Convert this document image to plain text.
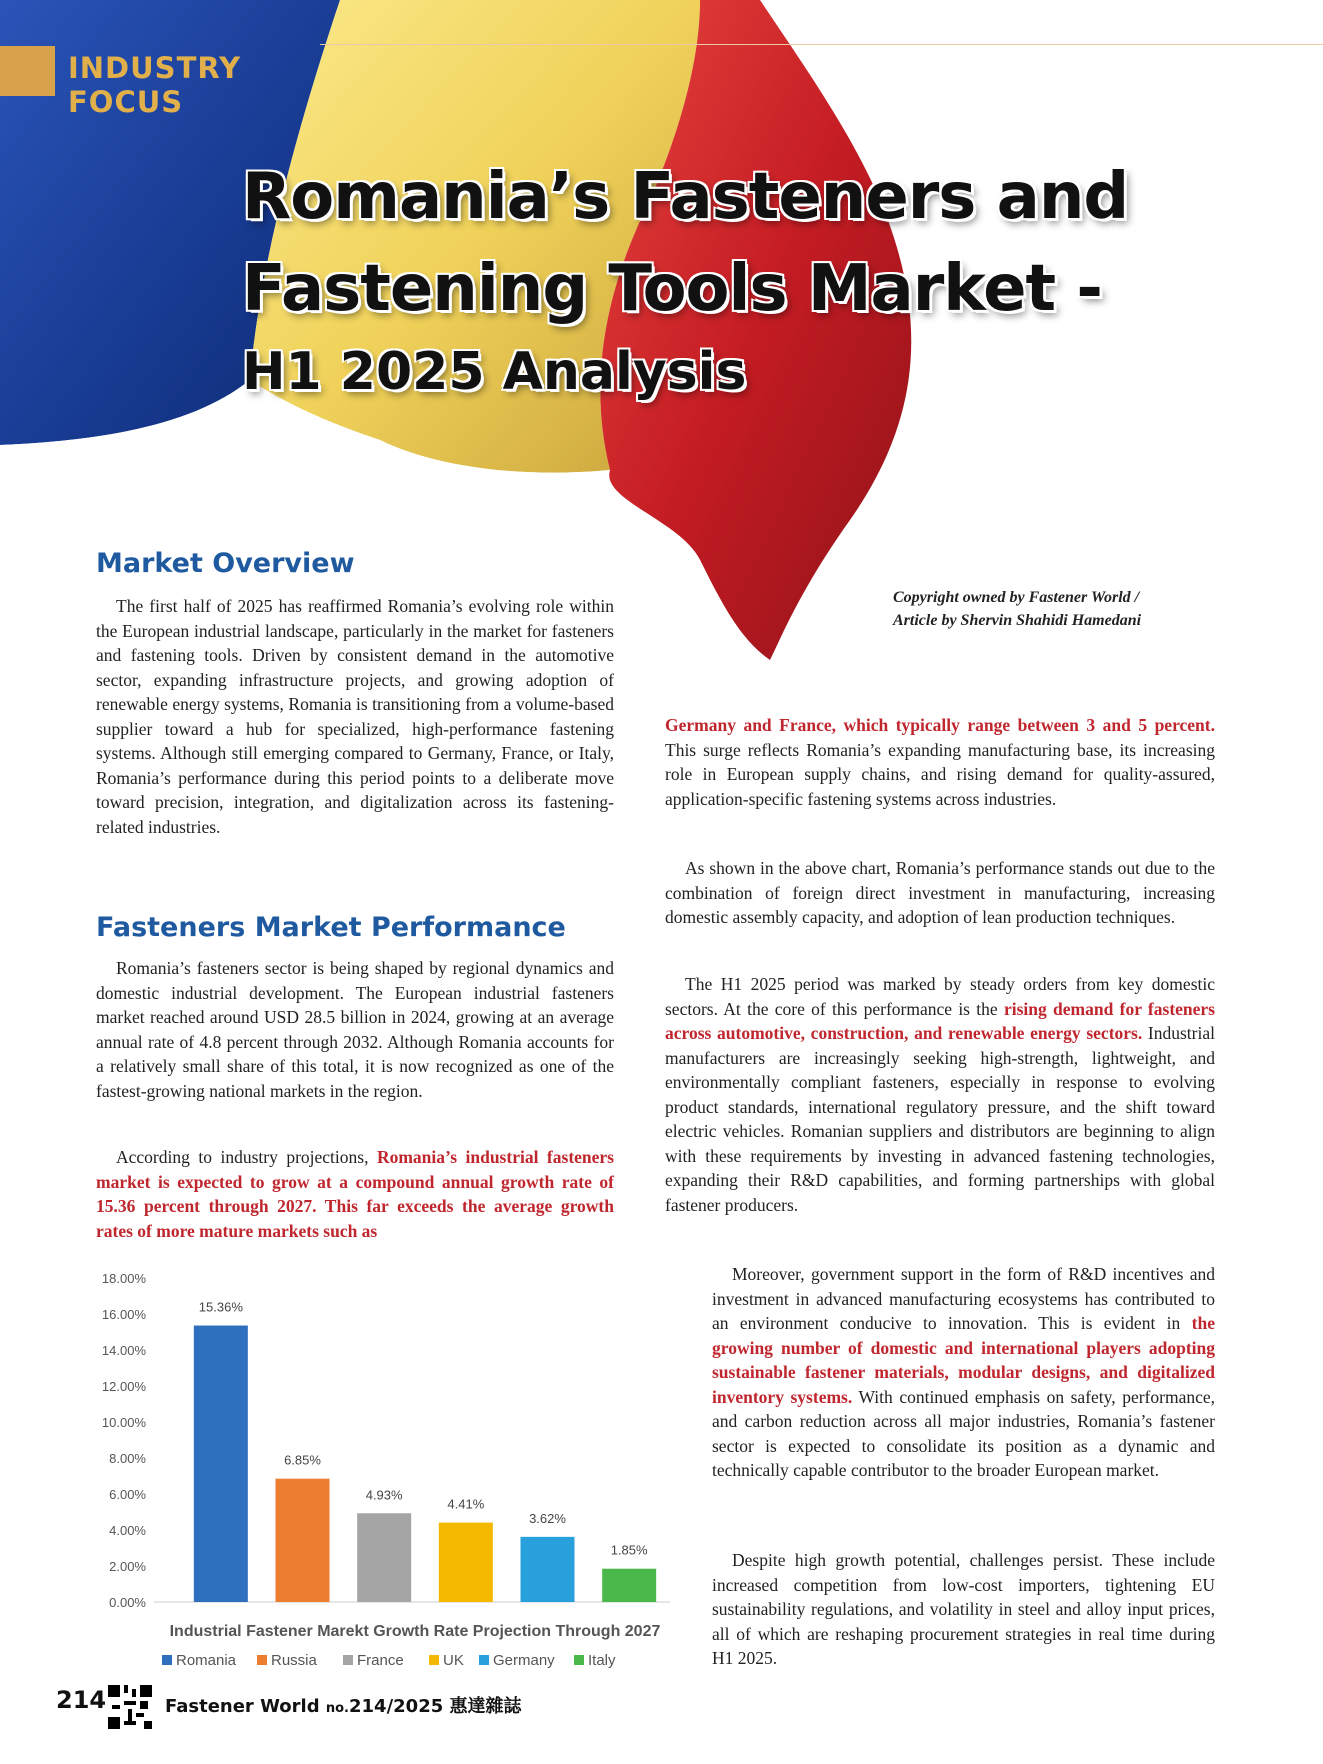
INDUSTRY FOCUS
Romania’s Fasteners and
Fastening Tools Market -
H1 2025 Analysis
Copyright owned by Fastener World /
Article by Shervin Shahidi Hamedani
Market Overview

The first half of 2025 has reaffirmed Romania’s evolving role within the European industrial landscape, particularly in the market for fasteners and fastening tools. Driven by consistent demand in the automotive sector, expanding infrastructure projects, and growing adoption of renewable energy systems, Romania is transitioning from a volume-based supplier toward a hub for specialized, high-performance fastening systems. Although still emerging compared to Germany, France, or Italy, Romania’s performance during this period points to a deliberate move toward precision, integration, and digitalization across its fastening-related industries.

Fasteners Market Performance

Romania’s fasteners sector is being shaped by regional dynamics and domestic industrial development. The European industrial fasteners market reached around USD 28.5 billion in 2024, growing at an average annual rate of 4.8 percent through 2032. Although Romania accounts for a relatively small share of this total, it is now recognized as one of the fastest-growing national markets in the region.

According to industry projections, Romania’s industrial fasteners market is expected to grow at a compound annual growth rate of 15.36 percent through 2027. This far exceeds the average growth rates of more mature markets such as

0.00%
2.00%
4.00%
6.00%
8.00%
10.00%
12.00%
14.00%
16.00%
18.00%
15.36%
6.85%
4.93%
4.41%
3.62%
1.85%
Industrial Fastener Marekt Growth Rate Projection Through 2027
Romania Russia	France	UK Germany Italy

Germany and France, which typically range between 3 and 5 percent. This surge reflects Romania’s expanding manufacturing base, its increasing role in European supply chains, and rising demand for quality-assured, application-specific fastening systems across industries.

As shown in the above chart, Romania’s performance stands out due to the combination of foreign direct investment in manufacturing, increasing domestic assembly capacity, and adoption of lean production techniques.

The H1 2025 period was marked by steady orders from key domestic sectors. At the core of this performance is the rising demand for fasteners across automotive, construction, and renewable energy sectors. Industrial manufacturers are increasingly seeking high-strength, lightweight, and environmentally compliant fasteners, especially in response to evolving product standards, international regulatory pressure, and the shift toward electric vehicles. Romanian suppliers and distributors are beginning to align with these requirements by investing in advanced fastening technologies, expanding their R&D capabilities, and forming partnerships with global fastener producers.

Moreover, government support in the form of R&D incentives and investment in advanced manufacturing ecosystems has contributed to an environment conducive to innovation. This is evident in the growing number of domestic and international players adopting sustainable fastener materials, modular designs, and digitalized inventory systems. With continued emphasis on safety, performance, and carbon reduction across all major industries, Romania’s fastener sector is expected to consolidate its position as a dynamic and technically capable contributor to the broader European market.

Despite high growth potential, challenges persist. These include increased competition from low-cost importers, tightening EU sustainability regulations, and volatility in steel and alloy input prices, all of which are reshaping procurement strategies in real time during H1 2025.

214	Fastener World no.214/2025 惠達雜誌
